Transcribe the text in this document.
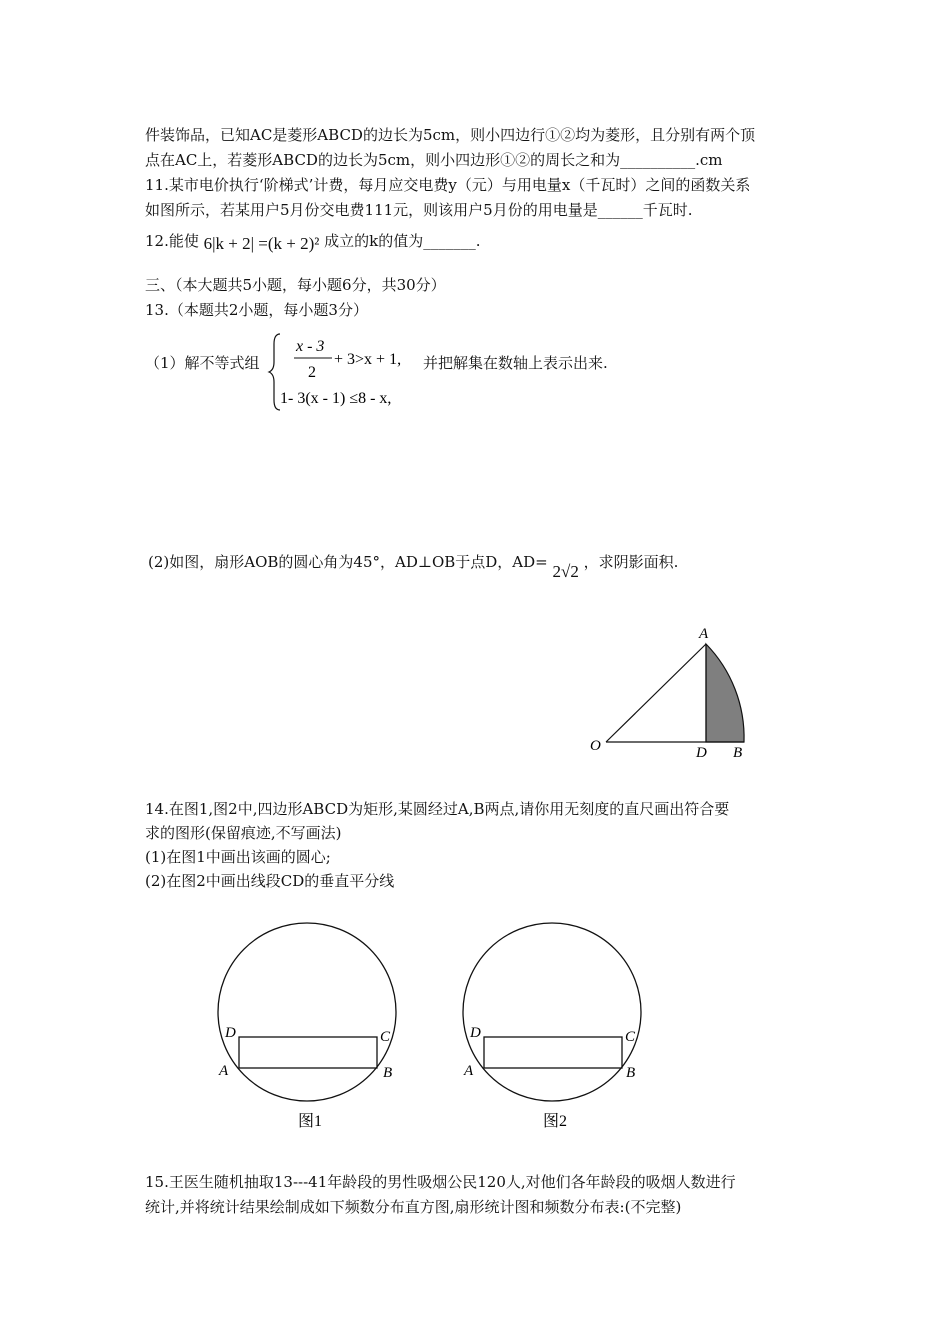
件装饰品，已知AC是菱形ABCD的边长为5cm，则小四边行①②均为菱形，且分别有两个顶
点在AC上，若菱形ABCD的边长为5cm，则小四边形①②的周长之和为__________.cm
11.某市电价执行‘阶梯式’计费，每月应交电费y（元）与用电量x（千瓦时）之间的函数关系
如图所示，若某用户5月份交电费111元，则该用户5月份的用电量是______千瓦时.
12.能使 6|k + 2| =(k + 2)² 成立的k的值为_______.
三、（本大题共5小题，每小题6分，共30分）
13.（本题共2小题，每小题3分）
（1）解不等式组
x - 3
2
+ 3>x + 1,
1- 3(x - 1) ≤8 - x,
并把解集在数轴上表示出来.
(2)如图，扇形AOB的圆心角为45°，AD⊥OB于点D，AD= 2√2 ，求阴影面积.
A
O	D B
14.在图1,图2中,四边形ABCD为矩形,某圆经过A,B两点,请你用无刻度的直尺画出符合要
求的图形(保留痕迹,不写画法)
(1)在图1中画出该画的圆心;
(2)在图2中画出线段CD的垂直平分线
D	C
A	B
图1
D	C
A	B
图2
15.王医生随机抽取13---41年龄段的男性吸烟公民120人,对他们各年龄段的吸烟人数进行
统计,并将统计结果绘制成如下频数分布直方图,扇形统计图和频数分布表:(不完整)
